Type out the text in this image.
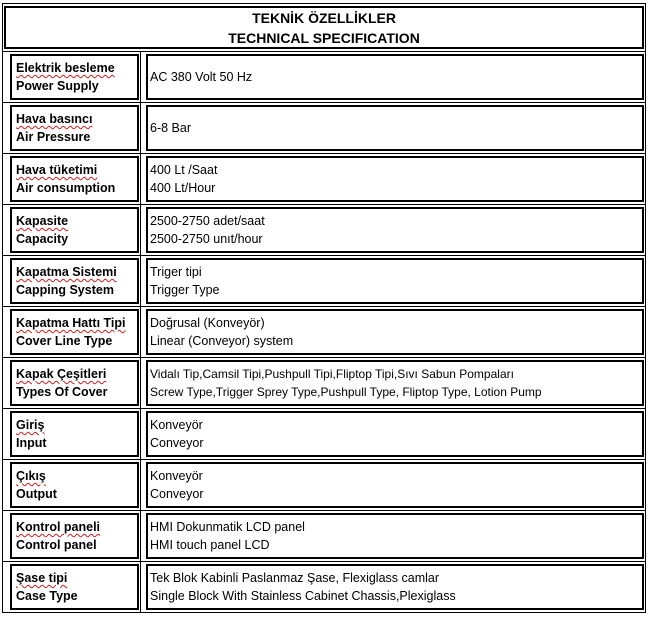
TEKNİK ÖZELLİKLER
TECHNICAL SPECIFICATION	

Elektrik besleme
Power Supply	AC 380 Volt 50 Hz

Hava basıncı
Air Pressure	6-8 Bar

Hava tüketimi
Air consumption	400 Lt /Saat
400 Lt/Hour

Kapasite
Capacity	2500-2750 adet/saat
2500-2750 unıt/hour

Kapatma Sistemi
Capping System	Triger tipi
Trigger Type

Kapatma Hattı Tipi
Cover Line Type	Doğrusal (Konveyör)
Linear (Conveyor) system

Kapak Çeşitleri
Types Of Cover	Vidalı Tip,Camsil Tipi,Pushpull Tipi,Fliptop Tipi,Sıvı Sabun Pompaları
Screw Type,Trigger Sprey Type,Pushpull Type, Fliptop Type, Lotion Pump

Giriş
Input	Konveyör
Conveyor

Çıkış
Output	Konveyör
Conveyor

Kontrol paneli
Control panel	HMI Dokunmatik LCD panel
HMI touch panel LCD

Şase tipi
Case Type	Tek Blok Kabinli Paslanmaz Şase, Flexiglass camlar
Single Block With Stainless Cabinet Chassis,Plexiglass
